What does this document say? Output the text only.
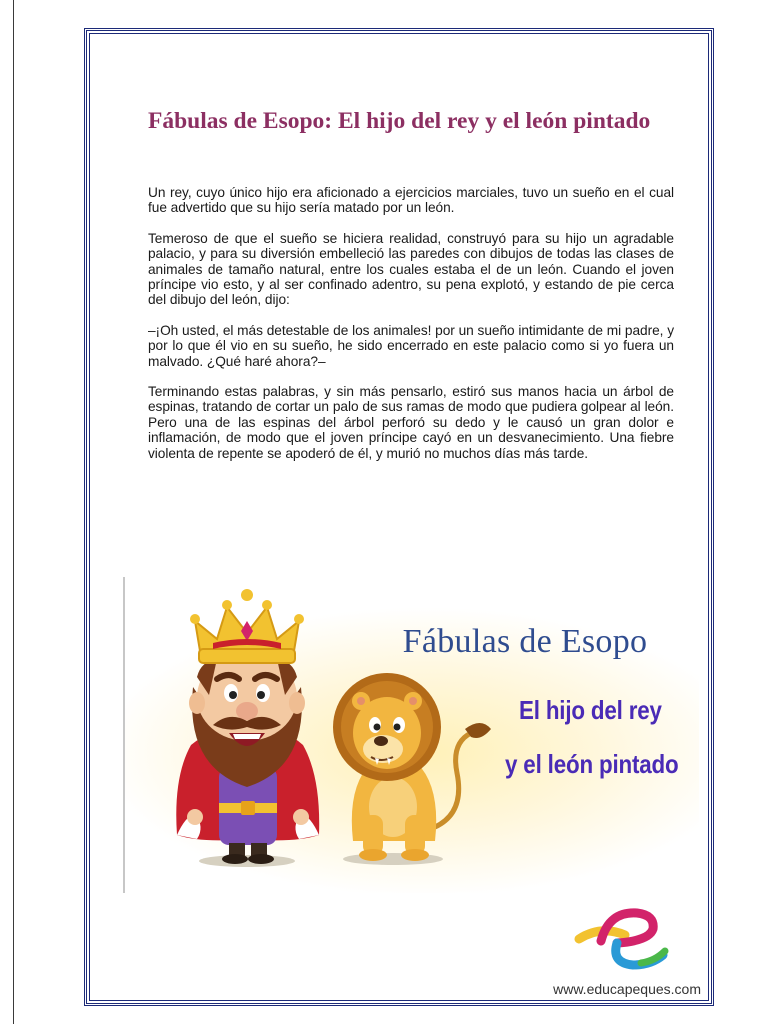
Fábulas de Esopo: El hijo del rey y el león pintado

Un rey, cuyo único hijo era aficionado a ejercicios marciales, tuvo un sueño en el cual fue advertido que su hijo sería matado por un león.

Temeroso de que el sueño se hiciera realidad, construyó para su hijo un agradable palacio, y para su diversión embelleció las paredes con dibujos de todas las clases de animales de tamaño natural, entre los cuales estaba el de un león. Cuando el joven príncipe vio esto, y al ser confinado adentro, su pena explotó, y estando de pie cerca del dibujo del león, dijo:

–¡Oh usted, el más detestable de los animales! por un sueño intimidante de mi padre, y por lo que él vio en su sueño, he sido encerrado en este palacio como si yo fuera un malvado. ¿Qué haré ahora?–

Terminando estas palabras, y sin más pensarlo, estiró sus manos hacia un árbol de espinas, tratando de cortar un palo de sus ramas de modo que pudiera golpear al león. Pero una de las espinas del árbol perforó su dedo y le causó un gran dolor e inflamación, de modo que el joven príncipe cayó en un desvanecimiento. Una fiebre violenta de repente se apoderó de él, y murió no muchos días más tarde.

Fábulas de Esopo

El hijo del rey

y el león pintado

www.educapeques.com
